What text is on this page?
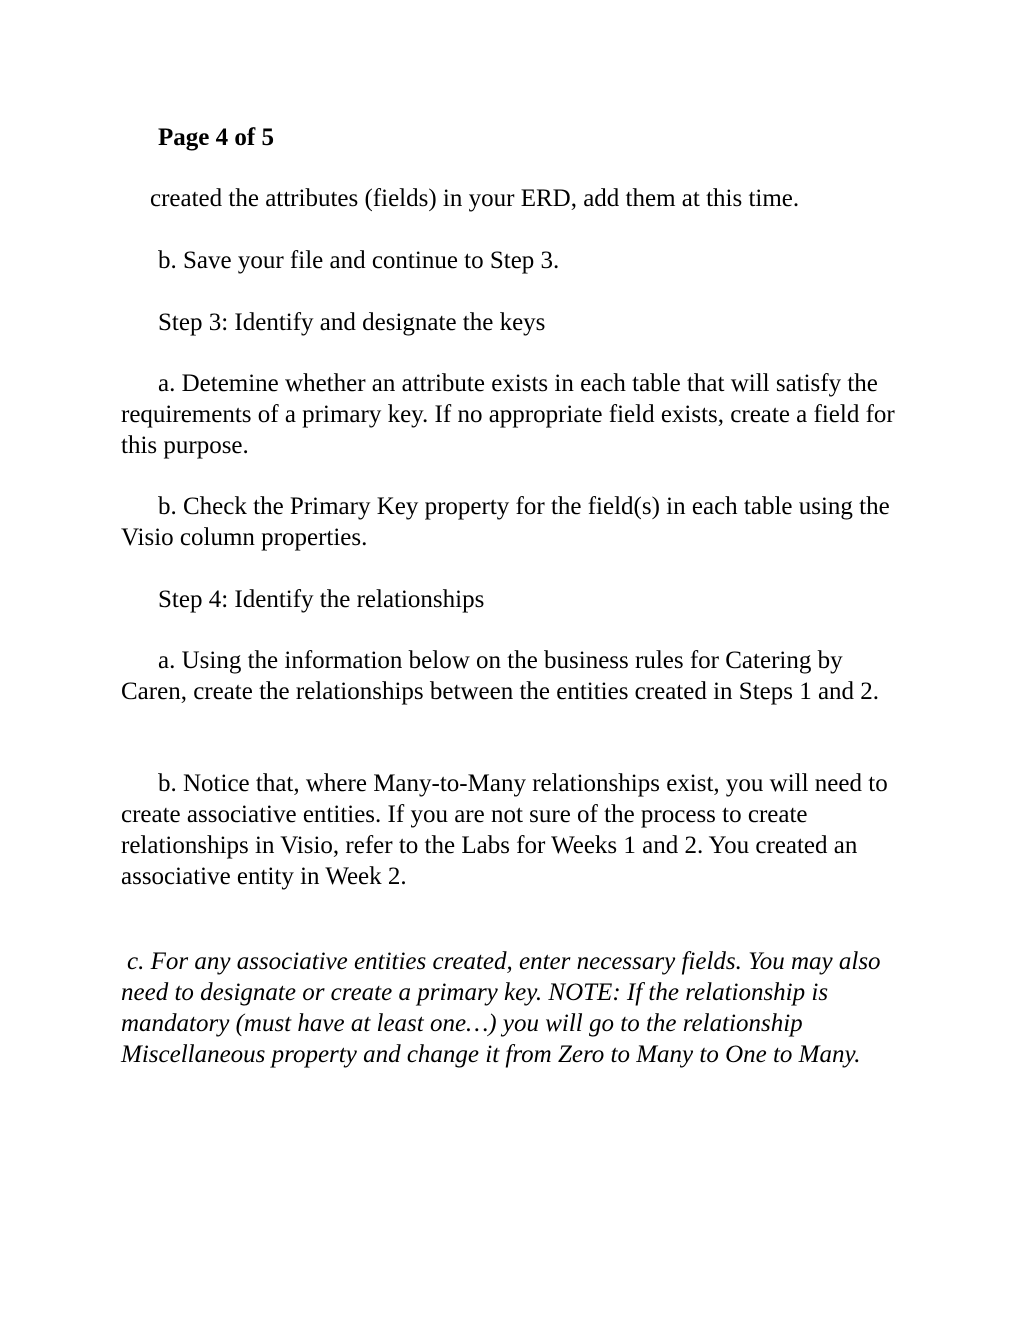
Page 4 of 5

created the attributes (fields) in your ERD, add them at this time.

b. Save your file and continue to Step 3.

Step 3: Identify and designate the keys

a. Detemine whether an attribute exists in each table that will satisfy the requirements of a primary key. If no appropriate field exists, create a field for this purpose.

b. Check the Primary Key property for the field(s) in each table using the Visio column properties.

Step 4: Identify the relationships

a. Using the information below on the business rules for Catering by Caren, create the relationships between the entities created in Steps 1 and 2.

b. Notice that, where Many-to-Many relationships exist, you will need to create associative entities. If you are not sure of the process to create relationships in Visio, refer to the Labs for Weeks 1 and 2. You created an associative entity in Week 2.

c. For any associative entities created, enter necessary fields. You may also need to designate or create a primary key. NOTE: If the relationship is mandatory (must have at least one…) you will go to the relationship Miscellaneous property and change it from Zero to Many to One to Many.
